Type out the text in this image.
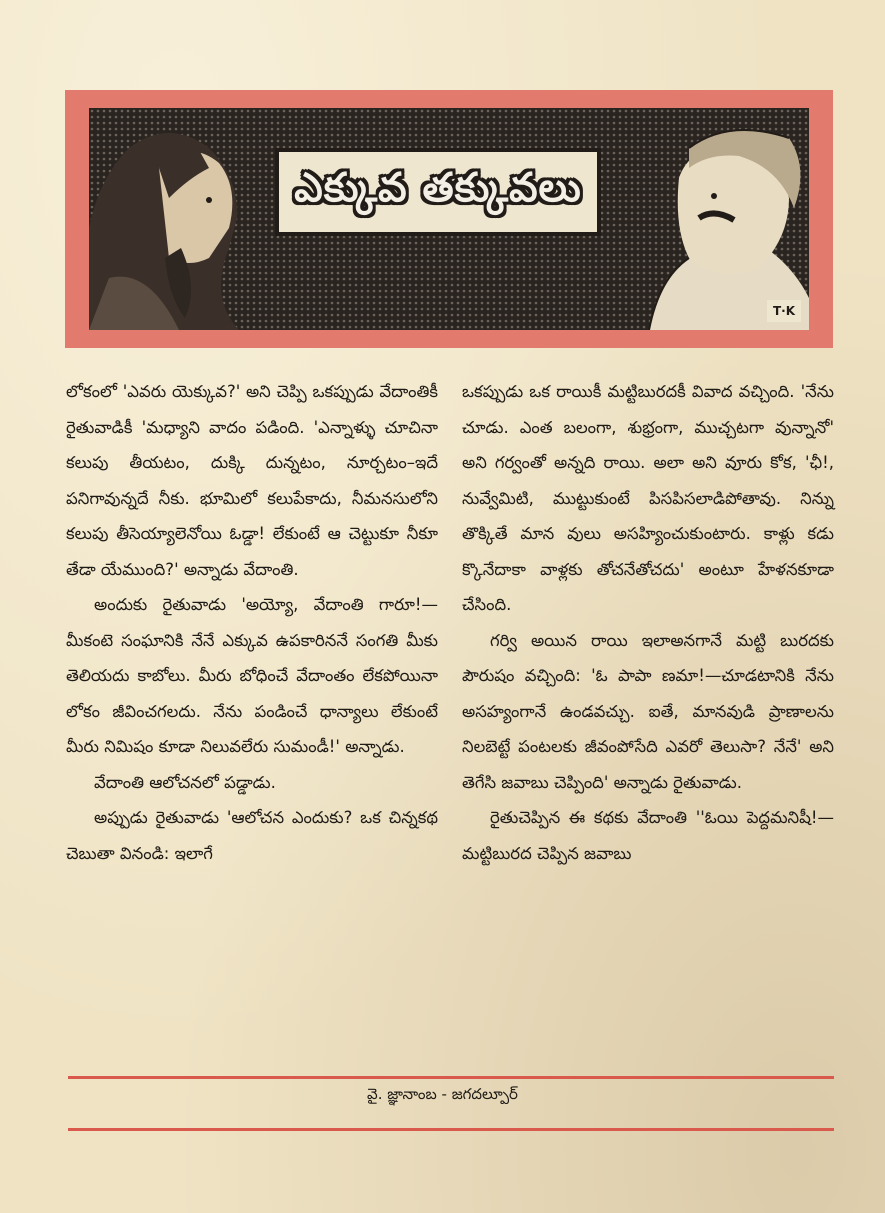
ఎక్కువ తక్కువలు
T·K

లోకంలో 'ఎవరు యెక్కువ?' అని చెప్పి ఒకప్పుడు వేదాంతికీ రైతువాడికీ 'మధ్యాని వాదం పడింది. 'ఎన్నాళ్ళు చూచినా కలుపు తీయటం, దుక్కి దున్నటం, నూర్చటం–ఇదే పనిగావున్నదే నీకు. భూమిలో కలుపేకాదు, నీమనసులోని కలుపు తీసెయ్యాలెనోయి ఓడ్డా! లేకుంటే ఆ చెట్టుకూ నీకూ తేడా యేముంది?' అన్నాడు వేదాంతి.

అందుకు రైతువాడు 'అయ్యో, వేదాంతి గారూ!—మీకంటె సంఘానికి నేనే ఎక్కువ ఉపకారిననే సంగతి మీకు తెలియదు కాబోలు. మీరు బోధించే వేదాంతం లేకపోయినా లోకం జీవించగలదు. నేను పండించే ధాన్యాలు లేకుంటే మీరు నిమిషం కూడా నిలువలేరు సుమండీ!' అన్నాడు.

వేదాంతి ఆలోచనలో పడ్డాడు.

అప్పుడు రైతువాడు 'ఆలోచన ఎందుకు? ఒక చిన్నకథ చెబుతా వినండి: ఇలాగే

ఒకప్పుడు ఒక రాయికీ మట్టిబురదకీ వివాద వచ్చింది. 'నేను చూడు. ఎంత బలంగా, శుభ్రంగా, ముచ్చటగా వున్నానో' అని గర్వంతో అన్నది రాయి. అలా అని వూరు కోక, 'ఛీ!, నువ్వేమిటి, ముట్టుకుంటే పిసపిసలాడిపోతావు. నిన్ను తొక్కితే మాన వులు అసహ్యించుకుంటారు. కాళ్లు కడు క్కొనేదాకా వాళ్లకు తోచనేతోచదు' అంటూ హేళనకూడా చేసింది.

గర్వి అయిన రాయి ఇలాఅనగానే మట్టి బురదకు పౌరుషం వచ్చింది: 'ఓ పాపా ణమా!—చూడటానికి నేను అసహ్యంగానే ఉండవచ్చు. ఐతే, మానవుడి ప్రాణాలను నిలబెట్టే పంటలకు జీవంపోసేది ఎవరో తెలుసా? నేనే' అని తెగేసి జవాబు చెప్పింది' అన్నాడు రైతువాడు.

రైతుచెప్పిన ఈ కథకు వేదాంతి ''ఓయి పెద్దమనిషీ!—మట్టిబురద చెప్పిన జవాబు

వై. జ్ఞానాంబ - జగదల్పూర్
